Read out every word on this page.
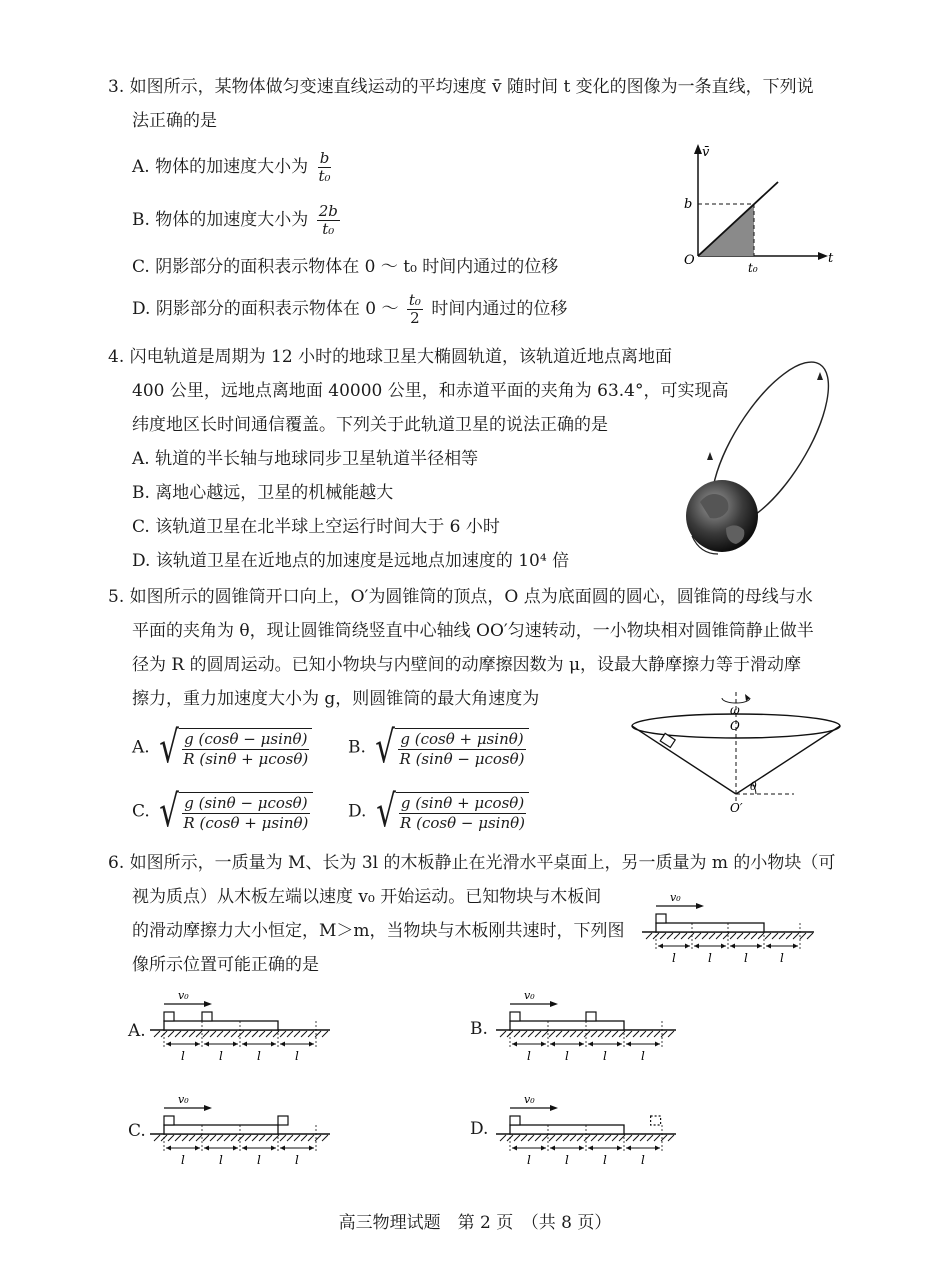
3. 如图所示，某物体做匀变速直线运动的平均速度 v̄ 随时间 t 变化的图像为一条直线，下列说
法正确的是
A. 物体的加速度大小为 $\frac{b}{\text{t₀}}$
B. 物体的加速度大小为 $\frac{2b}{\text{t₀}}$
C. 阴影部分的面积表示物体在 0 ～ t₀ 时间内通过的位移
D. 阴影部分的面积表示物体在 0 ～ $\frac{\text{t₀}}{2}$ 时间内通过的位移
v̄
t
O
b
t₀
4. 闪电轨道是周期为 12 小时的地球卫星大椭圆轨道，该轨道近地点离地面
400 公里，远地点离地面 40000 公里，和赤道平面的夹角为 63.4°，可实现高
纬度地区长时间通信覆盖。下列关于此轨道卫星的说法正确的是
A. 轨道的半长轴与地球同步卫星轨道半径相等
B. 离地心越远，卫星的机械能越大
C. 该轨道卫星在北半球上空运行时间大于 6 小时
D. 该轨道卫星在近地点的加速度是远地点加速度的 10⁴ 倍
5. 如图所示的圆锥筒开口向上，O′为圆锥筒的顶点，O 点为底面圆的圆心，圆锥筒的母线与水
平面的夹角为 θ，现让圆锥筒绕竖直中心轴线 OO′匀速转动，一小物块相对圆锥筒静止做半
径为 R 的圆周运动。已知小物块与内壁间的动摩擦因数为 μ，设最大静摩擦力等于滑动摩
擦力，重力加速度大小为 g，则圆锥筒的最大角速度为
A. √ g (cosθ − μsinθ)
R (sinθ + μcosθ)
B. √ g (cosθ + μsinθ)
R (sinθ − μcosθ)
C. √ g (sinθ − μcosθ)
R (cosθ + μsinθ)
D. √ g (sinθ + μcosθ)
R (cosθ − μsinθ)
ω
O
O′
θ
6. 如图所示，一质量为 M、长为 3l 的木板静止在光滑水平桌面上，另一质量为 m 的小物块（可
视为质点）从木板左端以速度 v₀ 开始运动。已知物块与木板间
的滑动摩擦力大小恒定，M＞m，当物块与木板刚共速时，下列图
像所示位置可能正确的是
A.	B.
C.	D.
v₀
l	l	l	l
v₀
l	l	l	l
v₀
l	l	l	l
v₀
l	l	l	l
v₀
l	l	l	l
高三物理试题　第 2 页　（共 8 页）
